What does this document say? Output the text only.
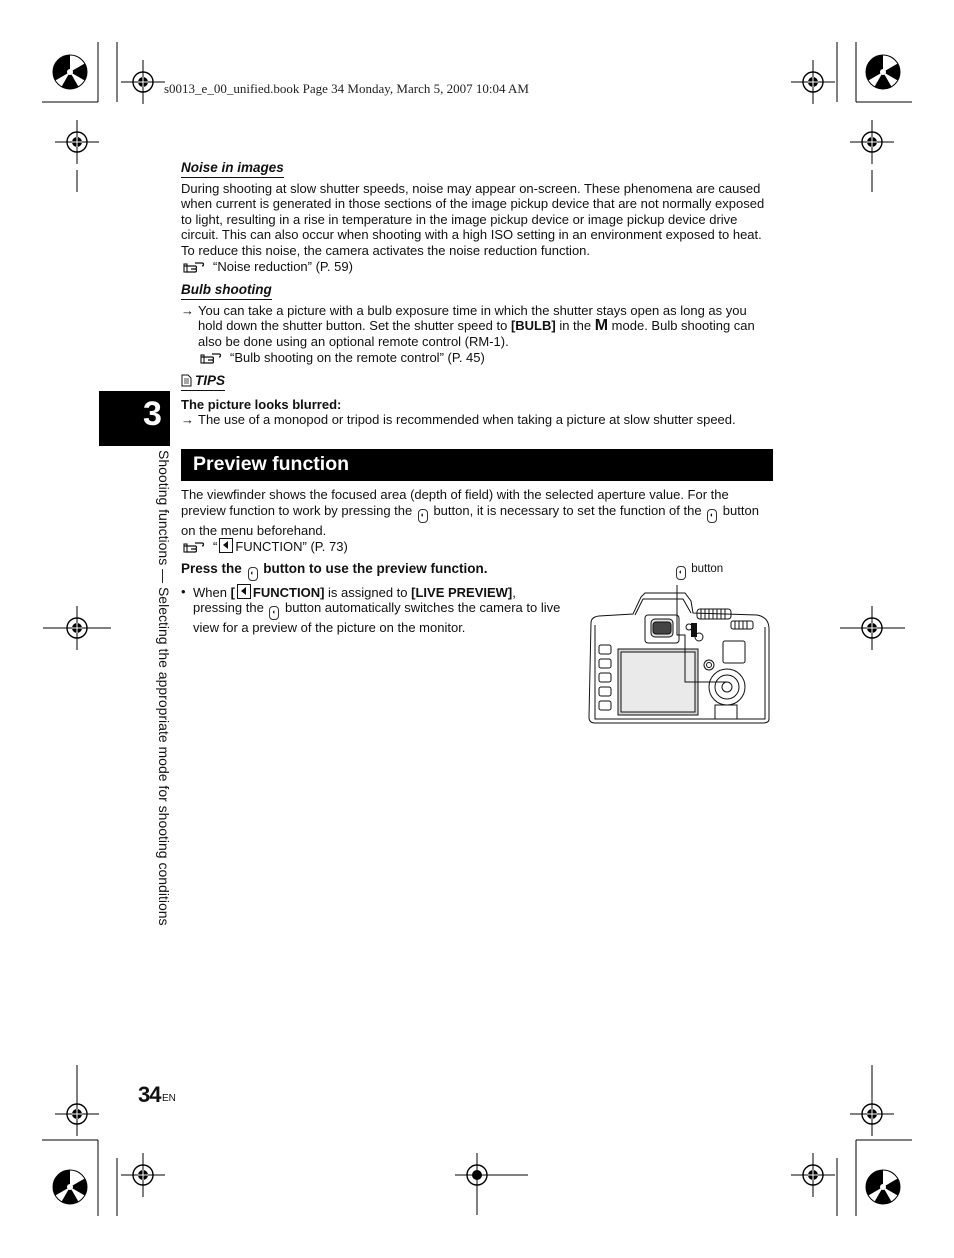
s0013_e_00_unified.book Page 34 Monday, March 5, 2007 10:04 AM
Noise in images

During shooting at slow shutter speeds, noise may appear on-screen. These phenomena are caused when current is generated in those sections of the image pickup device that are not normally exposed to light, resulting in a rise in temperature in the image pickup device or image pickup device drive circuit. This can also occur when shooting with a high ISO setting in an environment exposed to heat. To reduce this noise, the camera activates the noise reduction function.

“Noise reduction” (P. 59)
Bulb shooting
→ You can take a picture with a bulb exposure time in which the shutter stays open as long as you hold down the shutter button. Set the shutter speed to [BULB] in the M mode. Bulb shooting can also be done using an optional remote control (RM-1).

“Bulb shooting on the remote control” (P. 45)
TIPS

The picture looks blurred:

→ The use of a monopod or tripod is recommended when taking a picture at slow shutter speed.

3
Shooting functions — Selecting the appropriate mode for shooting conditions Preview function

The viewfinder shows the focused area (depth of field) with the selected aperture value. For the preview function to work by pressing the ◐ button, it is necessary to set the function of the ◐ button on the menu beforehand.

“ FUNCTION” (P. 73)

Press the ◐ button to use the preview function.

• When [ FUNCTION] is assigned to [LIVE PREVIEW],
pressing the ◐ button automatically switches the camera to live view for a preview of the picture on the monitor.

◐ button
34 EN
